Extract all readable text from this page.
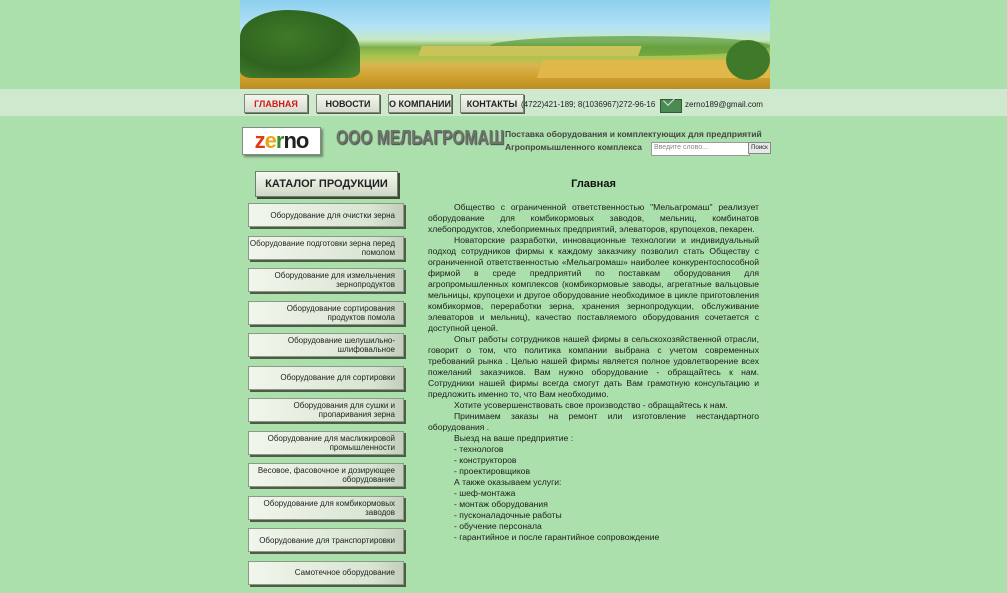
ГЛАВНАЯ	НОВОСТИ	О КОМПАНИИ	КОНТАКТЫ (4722)421-189; 8(1036967)272-96-16	zerno189@gmail.com
zerno	ООО МЕЛЬАГРОМАШ Поставка оборудования и комплектующих для предприятий
Агропромышленного комплекса	Введите слово...	Поиск
КАТАЛОГ ПРОДУКЦИИ
Оборудование для очистки зерна
Оборудование подготовки зерна перед помолом
Оборудование для измельчения зернопродуктов
Оборудование сортирования продуктов помола
Оборудование шелушильно-шлифовальное
Оборудование для сортировки
Оборудования для сушки и пропаривания зерна
Оборудование для маслижировой промышленности
Весовое, фасовочное и дозирующее оборудование
Оборудование для комбикормовых заводов
Оборудование для транспортировки
Самотечное оборудование
Главная

Общество с ограниченной ответственностью "Мельагромаш" реализует оборудование для комбикормовых заводов, мельниц, комбинатов хлебопродуктов, хлебоприемных предприятий, элеваторов, крупоцехов, пекарен.

Новаторские разработки, инновационные технологии и индивидуальный подход сотрудников фирмы к каждому заказчику позволил стать Обществу с ограниченной ответственностью «Мельагромаш» наиболее конкурентоспособной фирмой в среде предприятий по поставкам оборудования для агропромышленных комплексов (комбикормовые заводы, агрегатные вальцовые мельницы, крупоцехи и другое оборудование необходимое в цикле приготовления комбикормов, переработки зерна, хранения зернопродукции, обслуживание элеваторов и мельниц), качество поставляемого оборудования сочетается с доступной ценой.

Опыт работы сотрудников нашей фирмы в сельскохозяйственной отрасли, говорит о том, что политика компании выбрана с учетом современных требований рынка . Целью нашей фирмы является полное удовлетворение всех пожеланий заказчиков. Вам нужно оборудование - обращайтесь к нам. Сотрудники нашей фирмы всегда смогут дать Вам грамотную консультацию и предложить именно то, что Вам необходимо.

Хотите усовершенствовать свое производство - обращайтесь к нам.

Принимаем заказы на ремонт или изготовление нестандартного оборудования .

Выезд на ваше предприятие :
- технологов
- конструкторов
- проектировщиков
А также оказываем услуги:
- шеф-монтажа
- монтаж оборудования
- пусконаладочные работы
- обучение персонала
- гарантийное и после гарантийное сопровождение
